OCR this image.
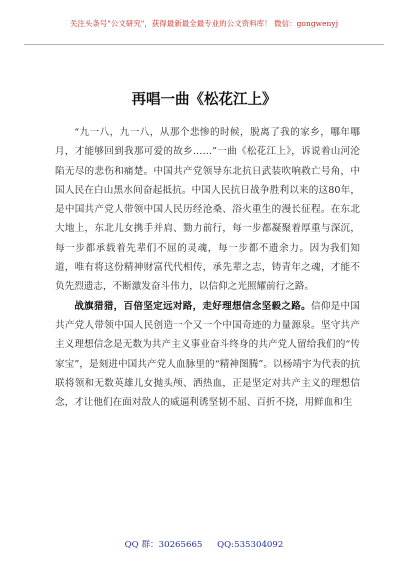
关注头条号"公文研究"，获得最新最全最专业的公文资料库！ 微信：gongwenyj
再唱一曲《松花江上》

“九一八，九一八，从那个悲惨的时候，脱离了我的家乡，哪年哪月，才能够回到我那可爱的故乡……”一曲《松花江上》，诉说着山河沦陷无尽的悲伤和痛楚。中国共产党领导东北抗日武装吹响救亡号角，中国人民在白山黑水间奋起抵抗。中国人民抗日战争胜利以来的这80年，是中国共产党人带领中国人民历经沧桑、浴火重生的漫长征程。在东北大地上，东北儿女携手并肩、勠力前行，每一步都凝聚着厚重与深沉，每一步都承载着先辈们不屈的灵魂，每一步都不遗余力。因为我们知道，唯有将这份精神财富代代相传，承先辈之志，铸青年之魂，才能不负先烈遗志，不断激发奋斗伟力，以信仰之光照耀前行之路。

战旗猎猎，百倍坚定远对路，走好理想信念坚毅之路。信仰是中国共产党人带领中国人民创造一个又一个中国奇迹的力量源泉。坚守共产主义理想信念是无数为共产主义事业奋斗终身的共产党人留给我们的“传家宝”，是刻进中国共产党人血脉里的“精神图腾”。以杨靖宇为代表的抗联将领和无数英雄儿女抛头颅、洒热血，正是坚定对共产主义的理想信念，才让他们在面对敌人的威逼利诱坚韧不屈、百折不挠，用鲜血和生

QQ 群：30265665 QQ:535304092
